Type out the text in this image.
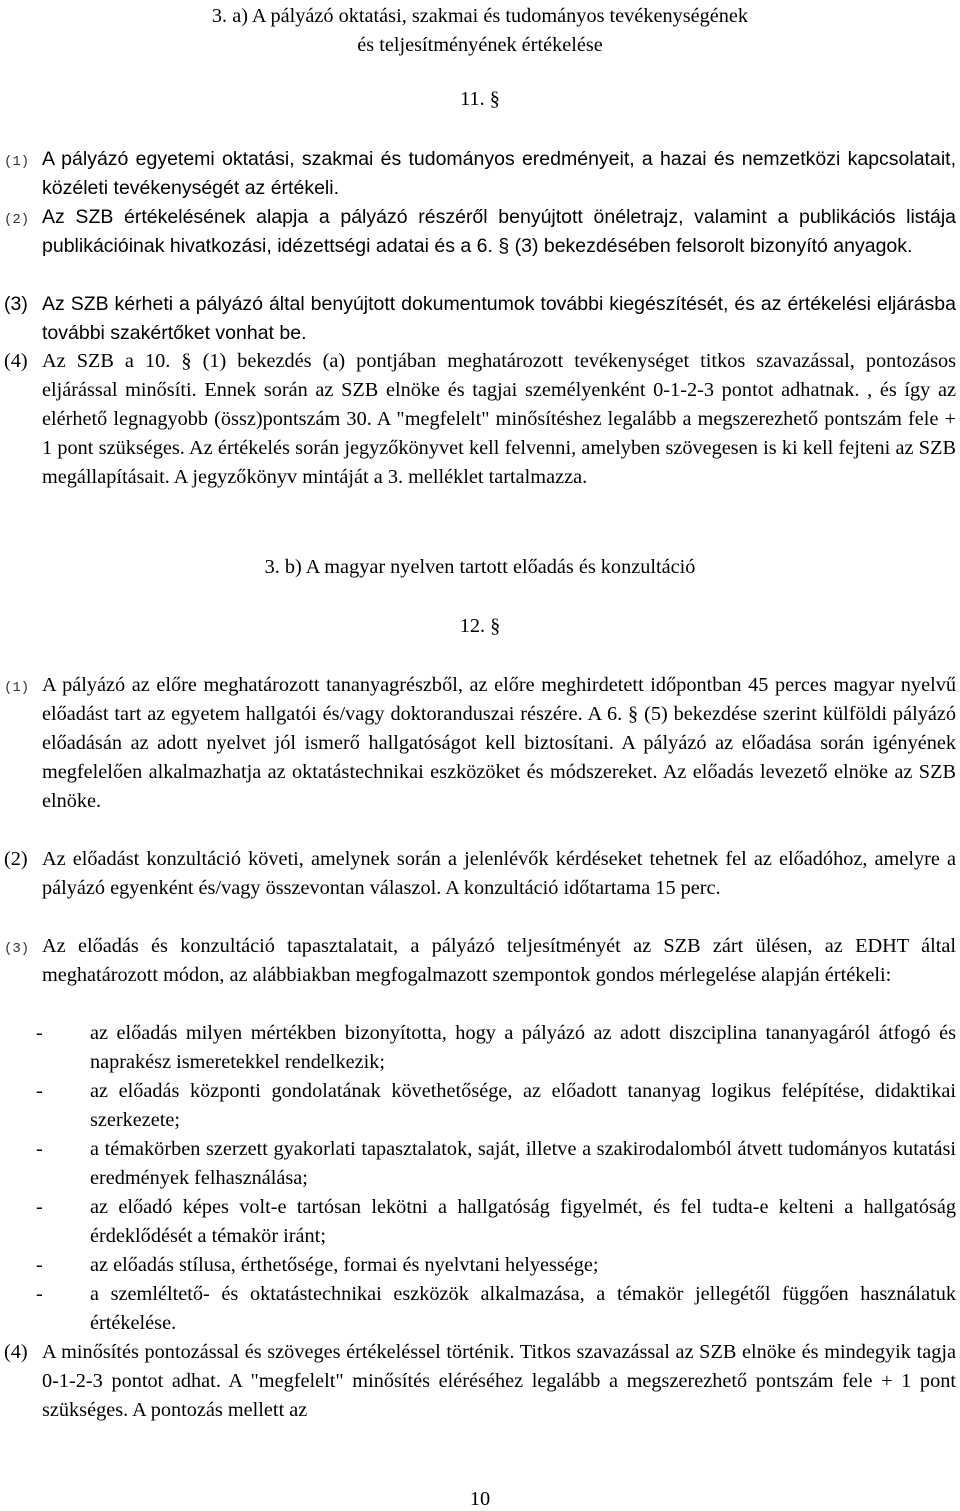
3. a) A pályázó oktatási, szakmai és tudományos tevékenységének
és teljesítményének értékelése
11. §
(1) A pályázó egyetemi oktatási, szakmai és tudományos eredményeit, a hazai és nemzetközi kapcsolatait, közéleti tevékenységét az értékeli.
(2) Az SZB értékelésének alapja a pályázó részéről benyújtott önéletrajz, valamint a publikációs listája publikációinak hivatkozási, idézettségi adatai és a 6. § (3) bekezdésében felsorolt bizonyító anyagok.
(3) Az SZB kérheti a pályázó által benyújtott dokumentumok további kiegészítését, és az értékelési eljárásba további szakértőket vonhat be.
(4) Az SZB a 10. § (1) bekezdés (a) pontjában meghatározott tevékenységet titkos szavazással, pontozásos eljárással minősíti. Ennek során az SZB elnöke és tagjai személyenként 0-1-2-3 pontot adhatnak. , és így az elérhető legnagyobb (össz)pontszám 30. A "megfelelt" minősítéshez legalább a megszerezhető pontszám fele + 1 pont szükséges. Az értékelés során jegyzőkönyvet kell felvenni, amelyben szövegesen is ki kell fejteni az SZB megállapításait. A jegyzőkönyv mintáját a 3. melléklet tartalmazza.
3. b) A magyar nyelven tartott előadás és konzultáció
12. §
(1) A pályázó az előre meghatározott tananyagrészből, az előre meghirdetett időpontban 45 perces magyar nyelvű előadást tart az egyetem hallgatói és/vagy doktoranduszai részére. A 6. § (5) bekezdése szerint külföldi pályázó előadásán az adott nyelvet jól ismerő hallgatóságot kell biztosítani. A pályázó az előadása során igényének megfelelően alkalmazhatja az oktatástechnikai eszközöket és módszereket. Az előadás levezető elnöke az SZB elnöke.
(2) Az előadást konzultáció követi, amelynek során a jelenlévők kérdéseket tehetnek fel az előadóhoz, amelyre a pályázó egyenként és/vagy összevontan válaszol. A konzultáció időtartama 15 perc.
(3) Az előadás és konzultáció tapasztalatait, a pályázó teljesítményét az SZB zárt ülésen, az EDHT által meghatározott módon, az alábbiakban megfogalmazott szempontok gondos mérlegelése alapján értékeli:
-	az előadás milyen mértékben bizonyította, hogy a pályázó az adott diszciplina tananyagáról átfogó és naprakész ismeretekkel rendelkezik;
-	az előadás központi gondolatának követhetősége, az előadott tananyag logikus felépítése, didaktikai szerkezete;
-	a témakörben szerzett gyakorlati tapasztalatok, saját, illetve a szakirodalomból átvett tudományos kutatási eredmények felhasználása;
-	az előadó képes volt-e tartósan lekötni a hallgatóság figyelmét, és fel tudta-e kelteni a hallgatóság érdeklődését a témakör iránt;
-	az előadás stílusa, érthetősége, formai és nyelvtani helyessége;
-	a szemléltető- és oktatástechnikai eszközök alkalmazása, a témakör jellegétől függően használatuk értékelése.
(4) A minősítés pontozással és szöveges értékeléssel történik. Titkos szavazással az SZB elnöke és mindegyik tagja 0-1-2-3 pontot adhat. A "megfelelt" minősítés eléréséhez legalább a megszerezhető pontszám fele + 1 pont szükséges. A pontozás mellett az
10
